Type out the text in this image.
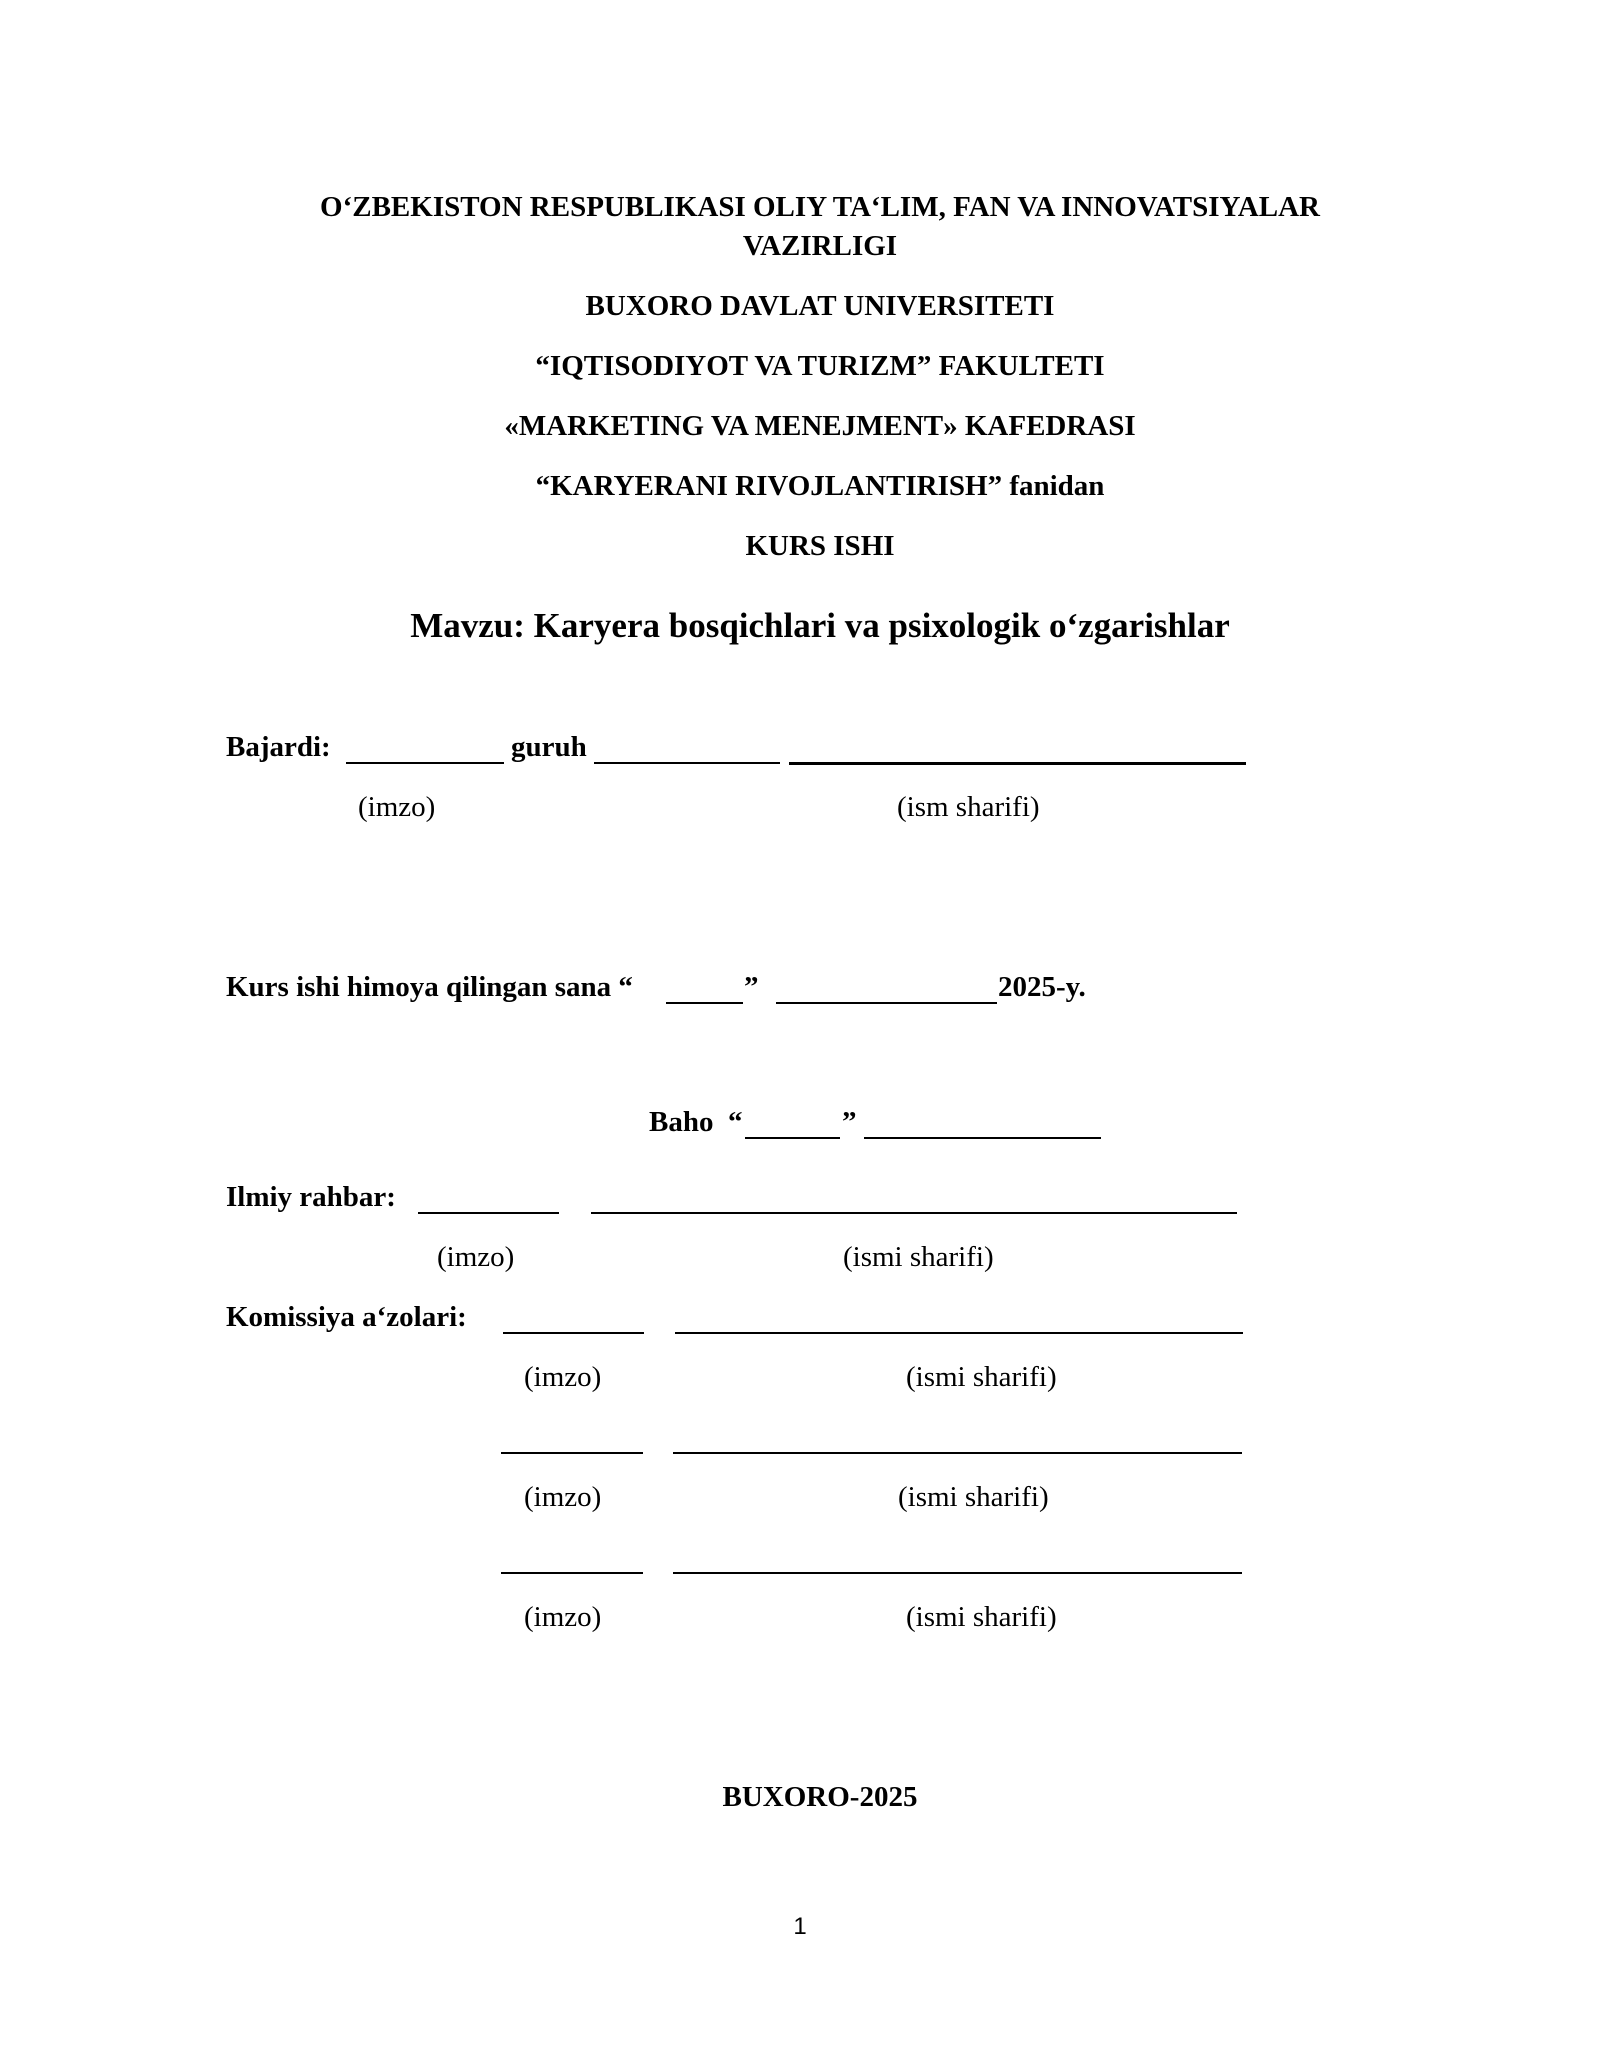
O‘ZBEKISTON RESPUBLIKASI OLIY TA‘LIM, FAN VA INNOVATSIYALAR
VAZIRLIGI
BUXORO DAVLAT UNIVERSITETI
“IQTISODIYOT VA TURIZM” FAKULTETI
«MARKETING VA MENEJMENT» KAFEDRASI
“KARYERANI RIVOJLANTIRISH” fanidan
KURS ISHI
Mavzu: Karyera bosqichlari va psixologik o‘zgarishlar
Bajardi:	guruh
(imzo)	(ism sharifi)
Kurs ishi himoya qilingan sana “	”	2025-y.
Baho “	”
Ilmiy rahbar:
(imzo)	(ismi sharifi)
Komissiya a‘zolari:
(imzo)	(ismi sharifi)
(imzo)	(ismi sharifi)
(imzo)	(ismi sharifi)
BUXORO-2025
1
